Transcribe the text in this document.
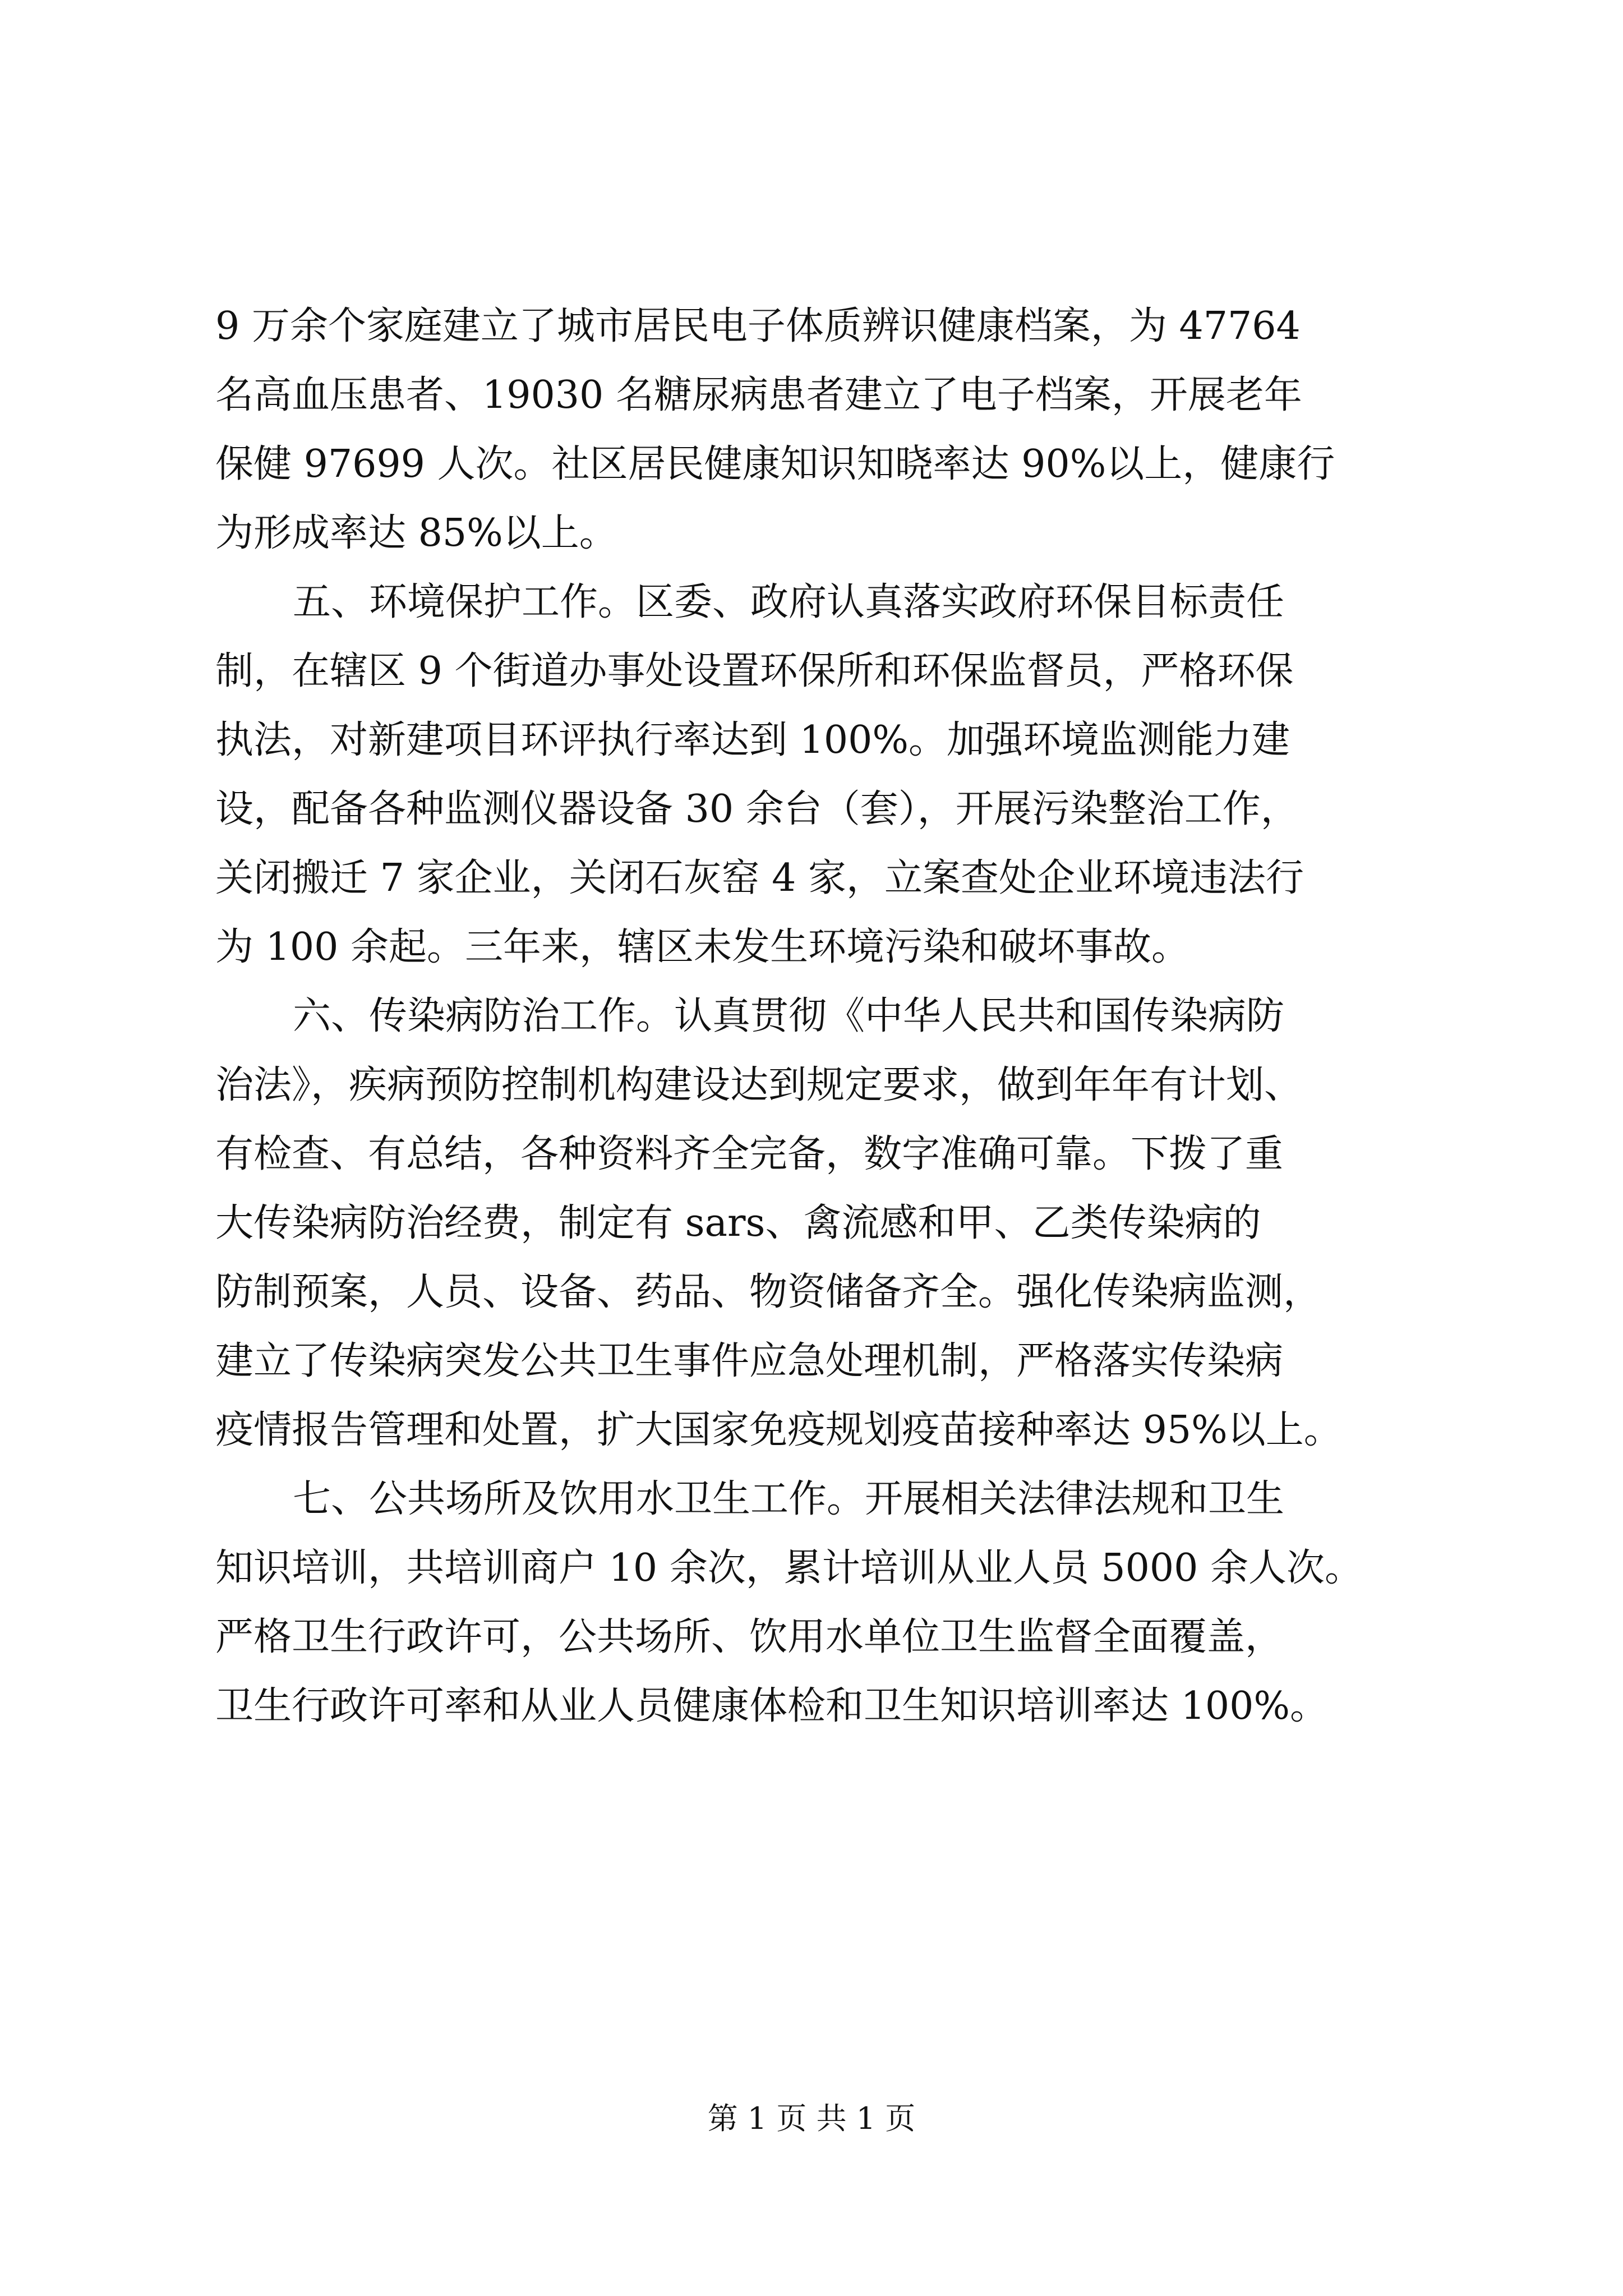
9 万余个家庭建立了城市居民电子体质辨识健康档案，为 47764
名高血压患者、19030 名糖尿病患者建立了电子档案，开展老年
保健 97699 人次。社区居民健康知识知晓率达 90%以上，健康行
为形成率达 85%以上。
五、环境保护工作。区委、政府认真落实政府环保目标责任
制，在辖区 9 个街道办事处设置环保所和环保监督员，严格环保
执法，对新建项目环评执行率达到 100%。加强环境监测能力建
设，配备各种监测仪器设备 30 余台（套），开展污染整治工作，
关闭搬迁 7 家企业，关闭石灰窑 4 家，立案查处企业环境违法行
为 100 余起。三年来，辖区未发生环境污染和破坏事故。
六、传染病防治工作。认真贯彻《中华人民共和国传染病防
治法》，疾病预防控制机构建设达到规定要求，做到年年有计划、
有检查、有总结，各种资料齐全完备，数字准确可靠。下拨了重
大传染病防治经费，制定有 sars、禽流感和甲、乙类传染病的
防制预案，人员、设备、药品、物资储备齐全。强化传染病监测，
建立了传染病突发公共卫生事件应急处理机制，严格落实传染病
疫情报告管理和处置，扩大国家免疫规划疫苗接种率达 95%以上。
七、公共场所及饮用水卫生工作。开展相关法律法规和卫生
知识培训，共培训商户 10 余次，累计培训从业人员 5000 余人次。
严格卫生行政许可，公共场所、饮用水单位卫生监督全面覆盖，
卫生行政许可率和从业人员健康体检和卫生知识培训率达 100%。
第 1 页 共 1 页
